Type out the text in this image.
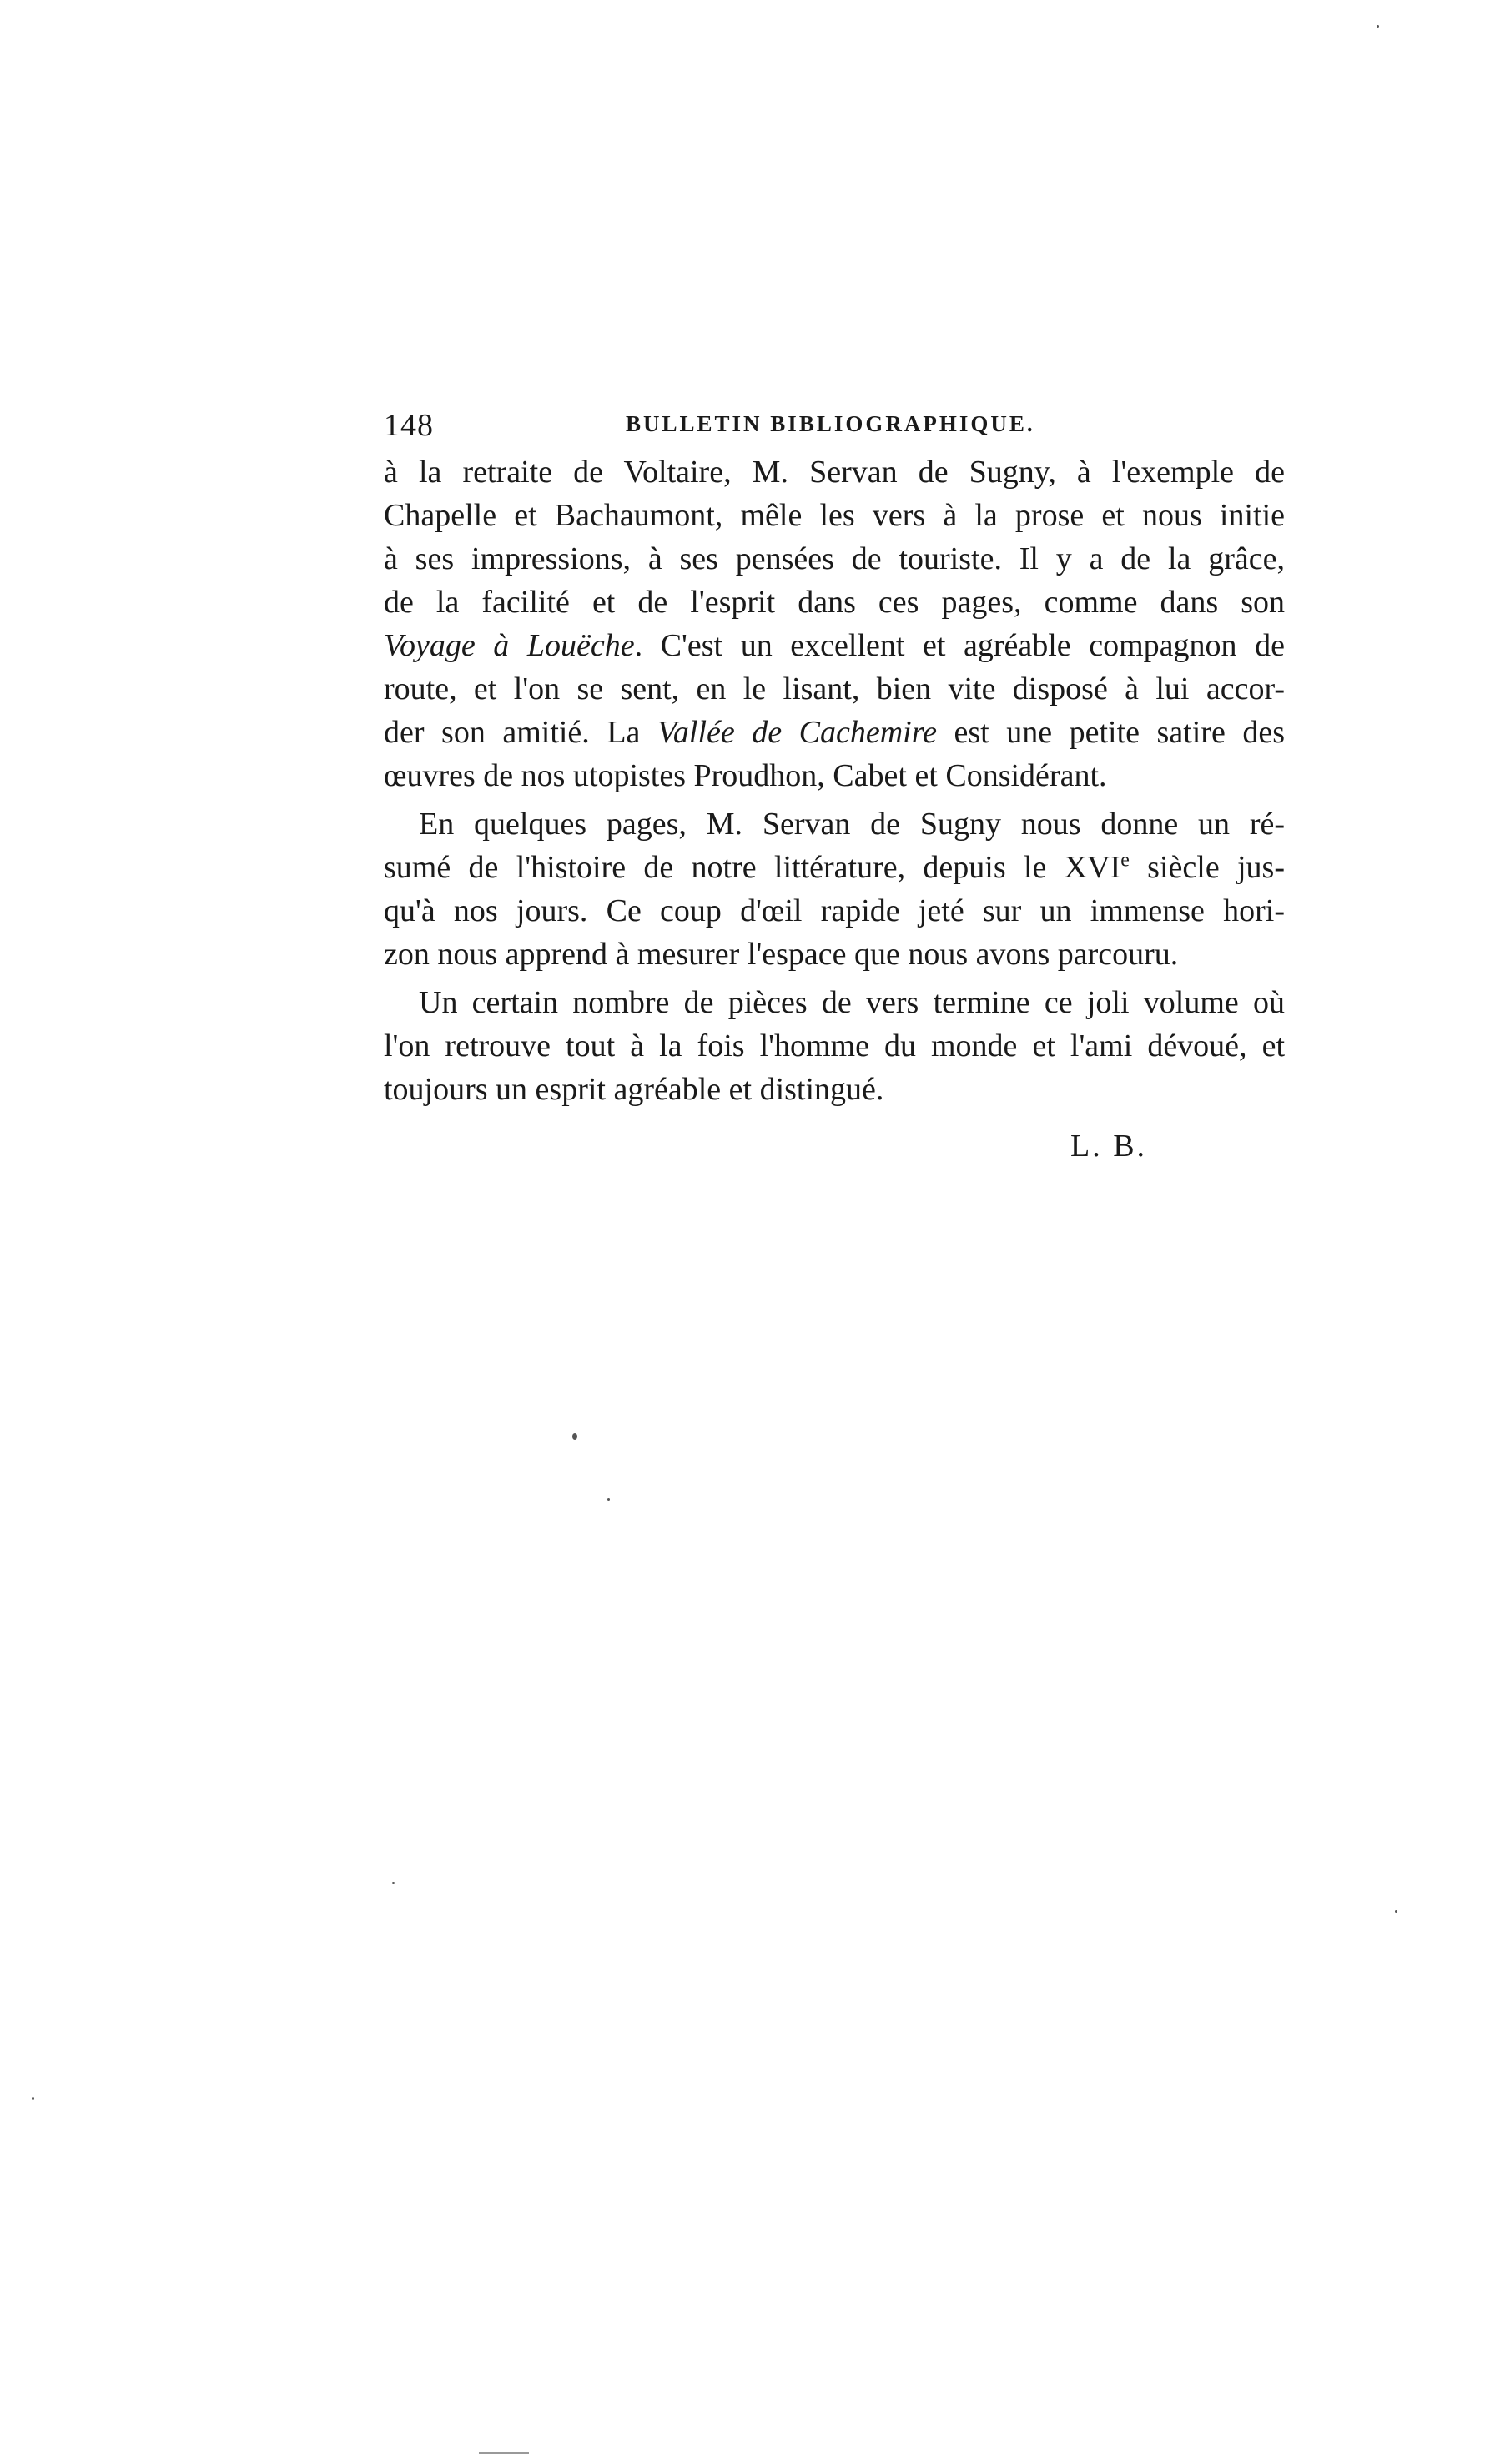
148	BULLETIN BIBLIOGRAPHIQUE.
à la retraite de Voltaire, M. Servan de Sugny, à l'exemple de
Chapelle et Bachaumont, mêle les vers à la prose et nous initie
à ses impressions, à ses pensées de touriste. Il y a de la grâce,
de la facilité et de l'esprit dans ces pages, comme dans son
Voyage à Louëche. C'est un excellent et agréable compagnon de
route, et l'on se sent, en le lisant, bien vite disposé à lui accor-
der son amitié. La Vallée de Cachemire est une petite satire des
œuvres de nos utopistes Proudhon, Cabet et Considérant.
En quelques pages, M. Servan de Sugny nous donne un ré-
sumé de l'histoire de notre littérature, depuis le XVIe siècle jus-
qu'à nos jours. Ce coup d'œil rapide jeté sur un immense hori-
zon nous apprend à mesurer l'espace que nous avons parcouru.
Un certain nombre de pièces de vers termine ce joli volume où
l'on retrouve tout à la fois l'homme du monde et l'ami dévoué, et
toujours un esprit agréable et distingué.
L. B.
